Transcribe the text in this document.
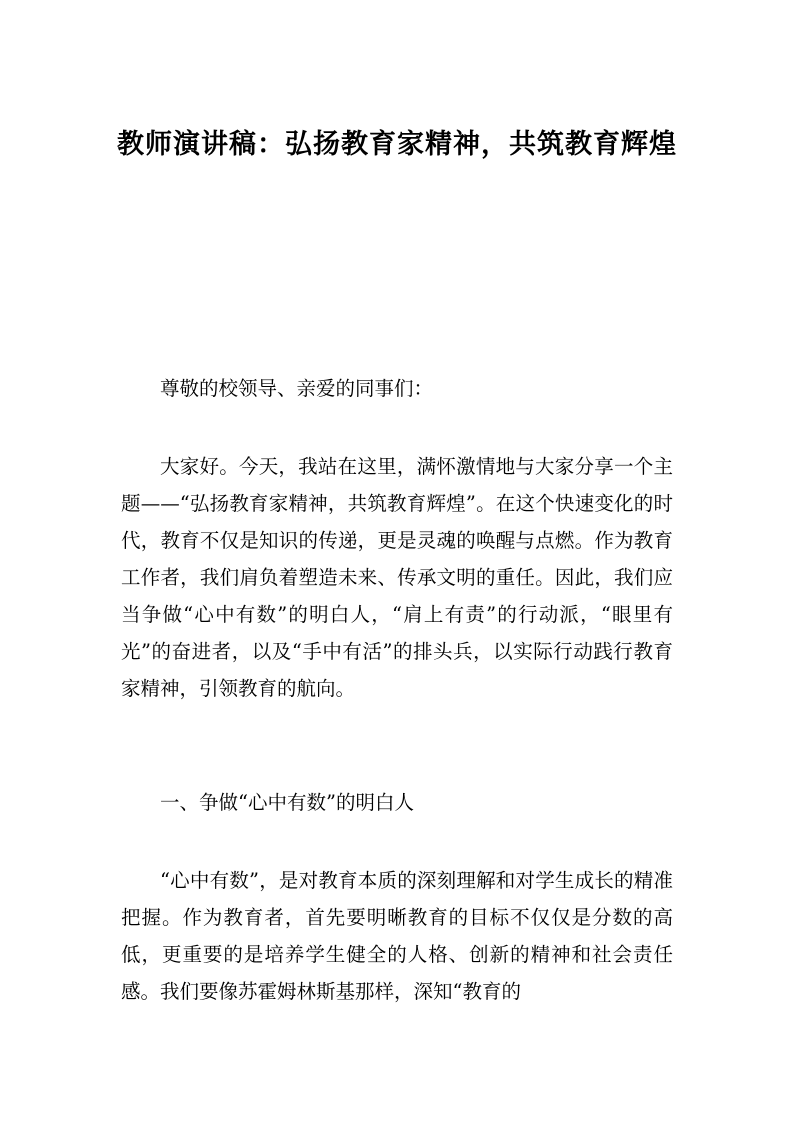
教师演讲稿：弘扬教育家精神，共筑教育辉煌

尊敬的校领导、亲爱的同事们：

大家好。今天，我站在这里，满怀激情地与大家分享一个主题——“弘扬教育家精神，共筑教育辉煌”。在这个快速变化的时代，教育不仅是知识的传递，更是灵魂的唤醒与点燃。作为教育工作者，我们肩负着塑造未来、传承文明的重任。因此，我们应当争做“心中有数”的明白人，“肩上有责”的行动派，“眼里有光”的奋进者，以及“手中有活”的排头兵，以实际行动践行教育家精神，引领教育的航向。

一、争做“心中有数”的明白人

“心中有数”，是对教育本质的深刻理解和对学生成长的精准把握。作为教育者，首先要明晰教育的目标不仅仅是分数的高低，更重要的是培养学生健全的人格、创新的精神和社会责任感。我们要像苏霍姆林斯基那样，深知“教育的
